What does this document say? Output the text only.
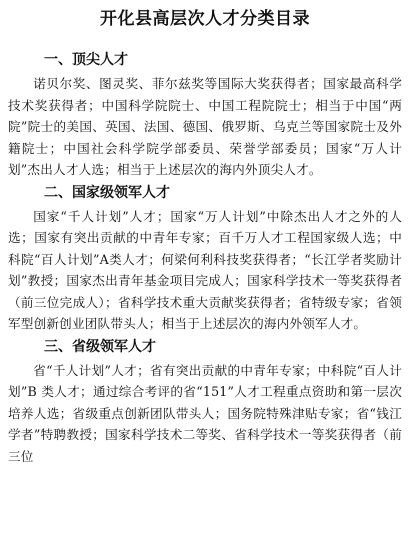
开化县高层次人才分类目录
一、顶尖人才

诺贝尔奖、图灵奖、菲尔兹奖等国际大奖获得者；国家最高科学技术奖获得者；中国科学院院士、中国工程院院士；相当于中国“两院”院士的美国、英国、法国、德国、俄罗斯、乌克兰等国家院士及外籍院士；中国社会科学院学部委员、荣誉学部委员；国家“万人计划”杰出人才人选；相当于上述层次的海内外顶尖人才。

二、国家级领军人才

国家“千人计划”人才；国家“万人计划”中除杰出人才之外的人选；国家有突出贡献的中青年专家；百千万人才工程国家级人选；中科院“百人计划”A类人才；何梁何利科技奖获得者；“长江学者奖励计划”教授；国家杰出青年基金项目完成人；国家科学技术一等奖获得者（前三位完成人）；省科学技术重大贡献奖获得者；省特级专家；省领军型创新创业团队带头人；相当于上述层次的海内外领军人才。

三、省级领军人才

省“千人计划”人才；省有突出贡献的中青年专家；中科院“百人计划”B 类人才；通过综合考评的省“151”人才工程重点资助和第一层次培养人选；省级重点创新团队带头人；国务院特殊津贴专家；省“钱江学者”特聘教授；国家科学技术二等奖、省科学技术一等奖获得者（前三位
